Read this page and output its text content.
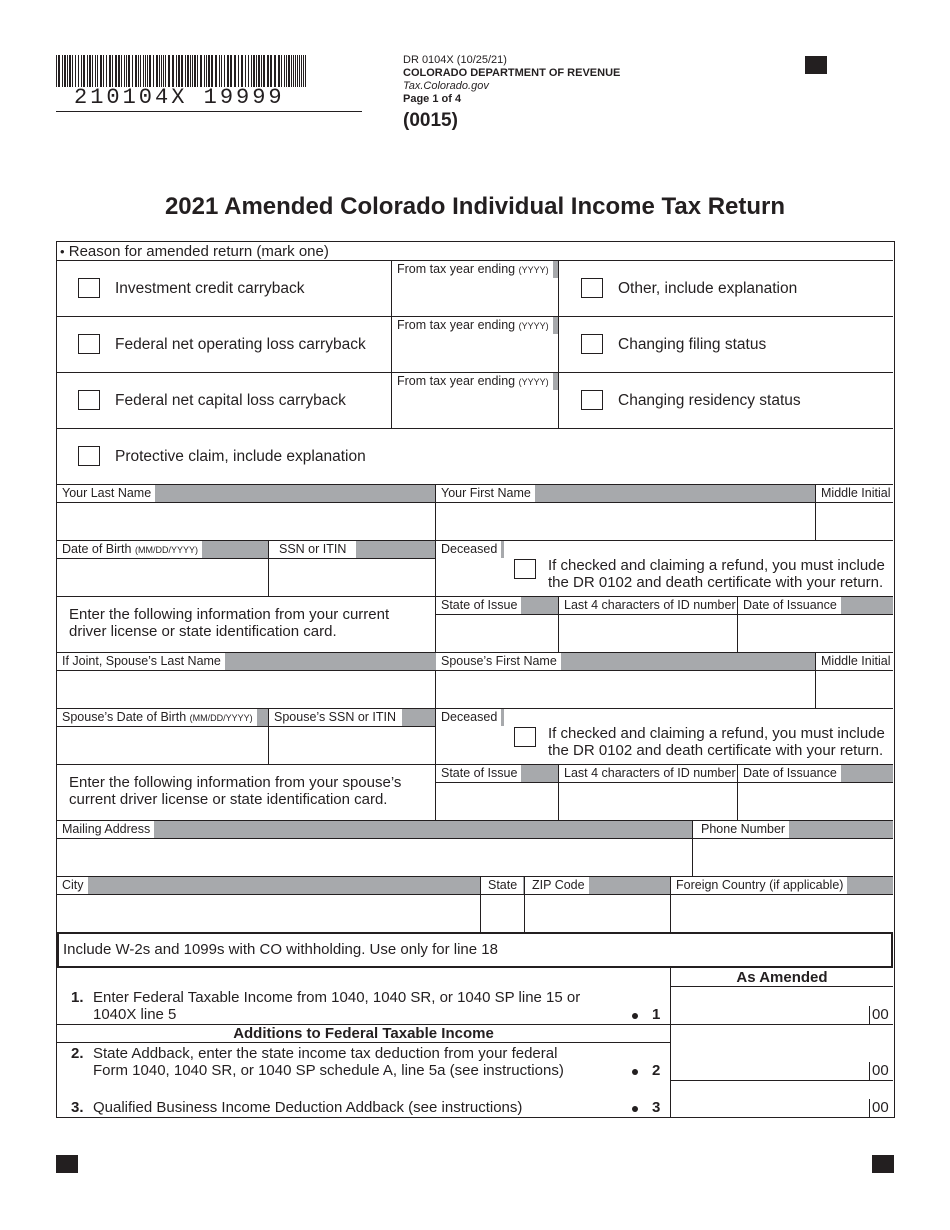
210104X 19999
DR 0104X (10/25/21)
COLORADO DEPARTMENT OF REVENUE
Tax.Colorado.gov
Page 1 of 4
(0015)
2021 Amended Colorado Individual Income Tax Return
• Reason for amended return (mark one)
Investment credit carryback
From tax year ending (YYYY)
Other, include explanation
Federal net operating loss carryback
From tax year ending (YYYY)
Changing filing status
Federal net capital loss carryback
From tax year ending (YYYY)
Changing residency status
Protective claim, include explanation
Your Last Name	Your First Name	Middle Initial
Date of Birth (MM/DD/YYYY)	SSN or ITIN	Deceased
If checked and claiming a refund, you must include
the DR 0102 and death certificate with your return.
Enter the following information from your current
driver license or state identification card.
State of Issue	Last 4 characters of ID number Date of Issuance
If Joint, Spouse’s Last Name	Spouse’s First Name	Middle Initial
Spouse’s Date of Birth (MM/DD/YYYY)	Spouse’s SSN or ITIN	Deceased
If checked and claiming a refund, you must include
the DR 0102 and death certificate with your return.
Enter the following information from your spouse’s
current driver license or state identification card.
State of Issue	Last 4 characters of ID number Date of Issuance
Mailing Address	Phone Number
City	State	ZIP Code	Foreign Country (if applicable)
Include W-2s and 1099s with CO withholding. Use only for line 18
As Amended
1. Enter Federal Taxable Income from 1040, 1040 SR, or 1040 SP line 15 or
1040X line 5	1	00
Additions to Federal Taxable Income
2. State Addback, enter the state income tax deduction from your federal
Form 1040, 1040 SR, or 1040 SP schedule A, line 5a (see instructions)	2	00
3. Qualified Business Income Deduction Addback (see instructions)	3	00
